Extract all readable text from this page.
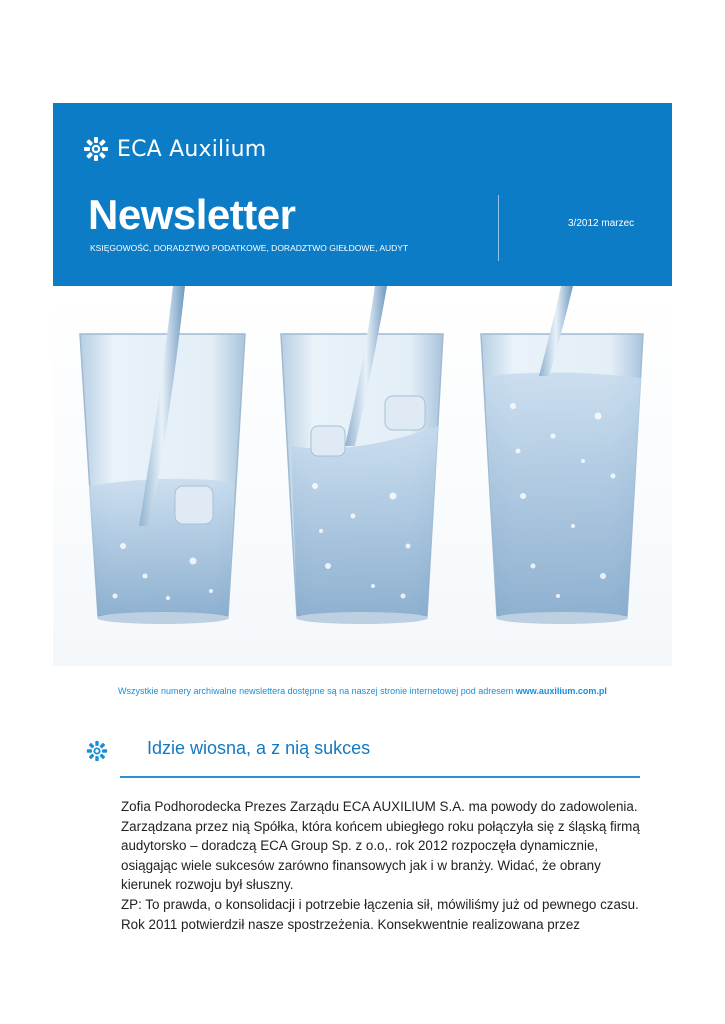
ECA Auxilium
Newsletter
KSIĘGOWOŚĆ, DORADZTWO PODATKOWE, DORADZTWO GIEŁDOWE, AUDYT
3/2012 marzec
Wszystkie numery archiwalne newslettera dostępne są na naszej stronie internetowej pod adresem www.auxilium.com.pl
Idzie wiosna, a z nią sukces

Zofia Podhorodecka Prezes Zarządu ECA AUXILIUM S.A. ma powody do zadowolenia. Zarządzana przez nią Spółka, która końcem ubiegłego roku połączyła się z śląską firmą audytorsko – doradczą ECA Group Sp. z o.o,. rok 2012 rozpoczęła dynamicznie, osiągając wiele sukcesów zarówno finansowych jak i w branży. Widać, że obrany kierunek rozwoju był słuszny.

ZP: To prawda, o konsolidacji i potrzebie łączenia sił, mówiliśmy już od pewnego czasu. Rok 2011 potwierdził nasze spostrzeżenia. Konsekwentnie realizowana przez
